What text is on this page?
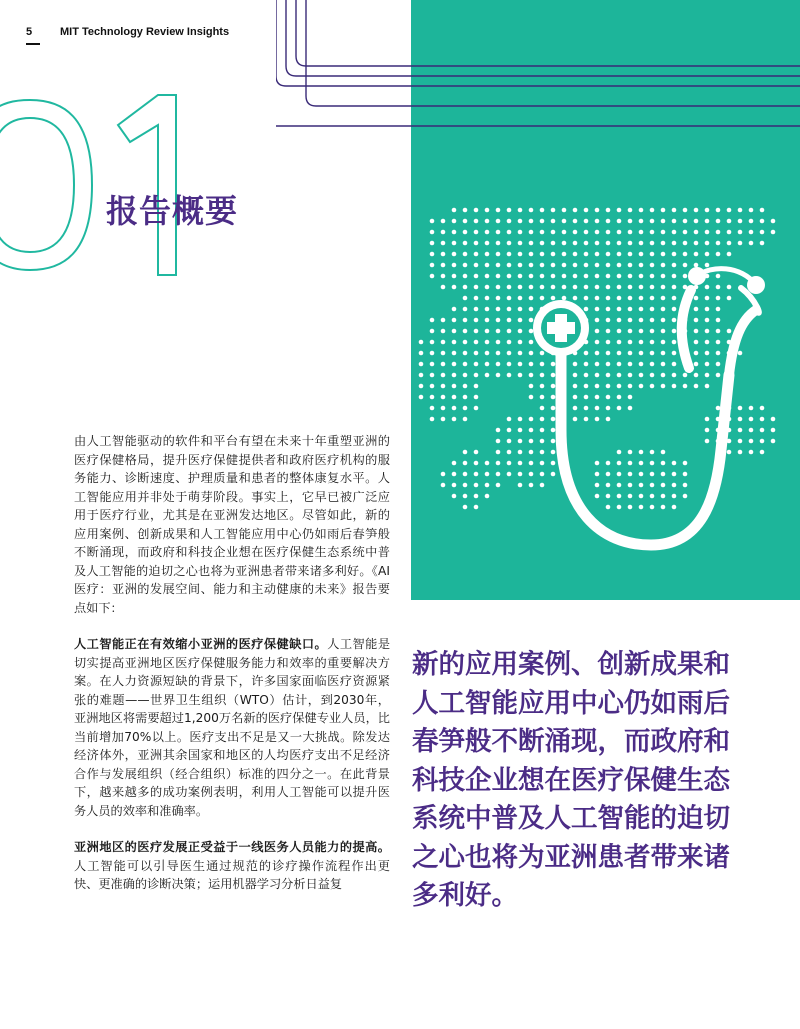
5	MIT Technology Review Insights
报告概要

由人工智能驱动的软件和平台有望在未来十年重塑亚洲的医疗保健格局，提升医疗保健提供者和政府医疗机构的服务能力、诊断速度、护理质量和患者的整体康复水平。人工智能应用并非处于萌芽阶段。事实上，它早已被广泛应用于医疗行业，尤其是在亚洲发达地区。尽管如此，新的应用案例、创新成果和人工智能应用中心仍如雨后春笋般不断涌现，而政府和科技企业想在医疗保健生态系统中普及人工智能的迫切之心也将为亚洲患者带来诸多利好。《AI医疗：亚洲的发展空间、能力和主动健康的未来》报告要点如下：

人工智能正在有效缩小亚洲的医疗保健缺口。人工智能是切实提高亚洲地区医疗保健服务能力和效率的重要解决方案。在人力资源短缺的背景下，许多国家面临医疗资源紧张的难题——世界卫生组织（WTO）估计，到2030年，亚洲地区将需要超过1,200万名新的医疗保健专业人员，比当前增加70%以上。医疗支出不足是又一大挑战。除发达经济体外，亚洲其余国家和地区的人均医疗支出不足经济合作与发展组织（经合组织）标准的四分之一。在此背景下，越来越多的成功案例表明，利用人工智能可以提升医务人员的效率和准确率。

亚洲地区的医疗发展正受益于一线医务人员能力的提高。人工智能可以引导医生通过规范的诊疗操作流程作出更快、更准确的诊断决策；运用机器学习分析日益复

新的应用案例、创新成果和人工智能应用中心仍如雨后春笋般不断涌现，而政府和科技企业想在医疗保健生态系统中普及人工智能的迫切之心也将为亚洲患者带来诸多利好。
